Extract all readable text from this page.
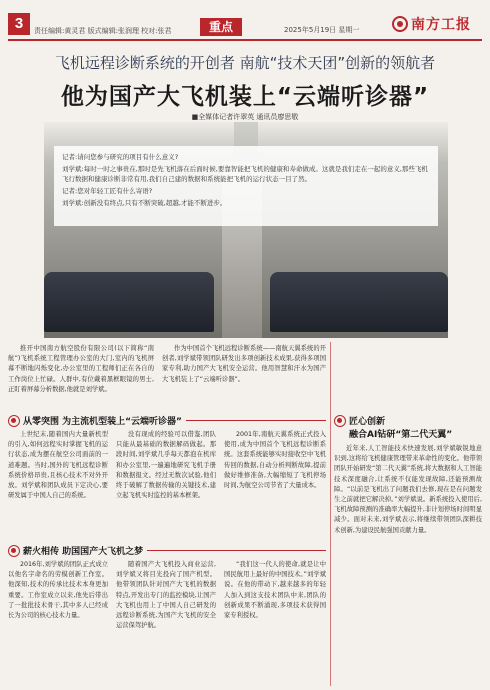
3	责任编辑:黄灵君 版式编辑:张润理 校对:张君	重点	2025年5月19日 星期一	南方工报
飞机远程诊断系统的开创者 南航“技术天团”创新的领航者
他为国产大飞机装上“云端听诊器”
■全媒体记者许翠英 通讯员廖思敬

记者:请问您参与研究的项目有什么意义?

刘学斌:每时一时之事贵在,那时是先飞机落在后面时候,要靠智能把飞机的健康和寿命做成。这就是我们走在一起的意义,那些飞机飞行数据和健康诊断非常有用,我们自己建的数据和系统能把飞机的运行状态一目了然。

记者:您对年轻工匠有什么寄语?

刘学斌:创新没有终点,只有不断突破,超越,才能不断进步。

推开中国南方航空股份有限公司(以下简称“南航”)飞机系统工程管理办公室的大门,室内的飞机屏幕不断地闪烁变化,办公室里的工程师们正在各自的工作岗位上忙碌。人群中,有位戴着黑框眼镜的男士,正盯着屏幕分析数据,他就是刘学斌。

作为中国首个飞机远程诊断系统——南航天翼系统的开创者,刘学斌带领团队研发出多项创新技术成果,获得多项国家专利,助力国产大飞机安全运营。他用智慧和汗水为国产大飞机装上了“云端听诊器”。

从零突围 为主流机型装上“云端听诊器”

上世纪末,随着国内大量新机型的引入,如何远程实时掌握飞机的运行状态,成为摆在航空公司面前的一道难题。当时,国外的飞机远程诊断系统价格昂贵,且核心技术不对外开放。刘学斌和团队成员下定决心,要研发属于中国人自己的系统。

没有现成的经验可以借鉴,团队只能从最基础的数据解码做起。那段时间,刘学斌几乎每天都泡在机库和办公室里,一遍遍地研究飞机手册和数据报文。经过无数次试验,他们终于破解了数据传输的关键技术,建立起飞机实时监控的基本框架。

2001年,南航天翼系统正式投入使用,成为中国首个飞机远程诊断系统。这套系统能够实时接收空中飞机传回的数据,自动分析判断故障,提前做好维修准备,大幅缩短了飞机停场时间,为航空公司节省了大量成本。

薪火相传 助国国产大飞机之梦

2016年,刘学斌的团队正式成立以他名字命名的劳模创新工作室。他深知,技术的传承比技术本身更加重要。工作室成立以来,他先后带出了一批批技术骨干,其中多人已经成长为公司的核心技术力量。

随着国产大飞机投入商业运营,刘学斌又将目光投向了国产机型。他带领团队针对国产大飞机的数据特点,开发出专门的监控模块,让国产大飞机也用上了中国人自己研发的远程诊断系统,为国产大飞机的安全运营保驾护航。

“我们这一代人的使命,就是让中国民航用上最好的中国技术。”刘学斌说。在他的带动下,越来越多的年轻人加入到这支技术团队中来,团队的创新成果不断涌现,多项技术获得国家专利授权。

匠心创新
融合AI钻研“第二代天翼”

近年来,人工智能技术快速发展,刘学斌敏锐地意识到,这将给飞机健康管理带来革命性的变化。他带领团队开始研发“第二代天翼”系统,将大数据和人工智能技术深度融合,让系统不仅能发现故障,还能预测故障。“以前是飞机出了问题我们去修,现在是在问题发生之前就把它解决掉。”刘学斌说。新系统投入使用后,飞机故障预测的准确率大幅提升,非计划停场时间明显减少。面对未来,刘学斌表示,将继续带领团队深耕技术创新,为建设民航强国贡献力量。
